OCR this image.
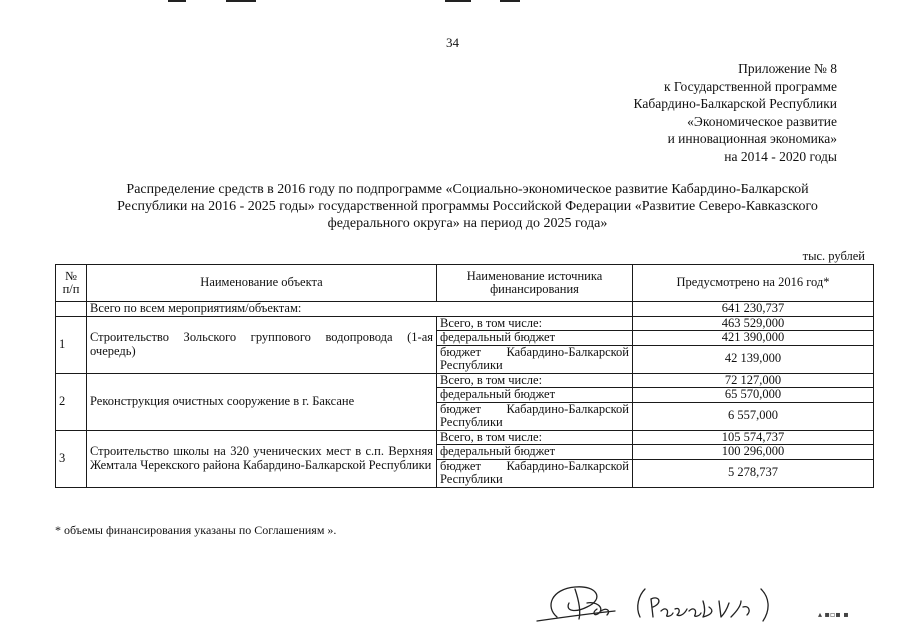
34
Приложение № 8
к Государственной программе
Кабардино-Балкарской Республики
«Экономическое развитие
и инновационная экономика»
на 2014 - 2020 годы
Распределение средств в 2016 году по подпрограмме «Социально-экономическое развитие Кабардино-Балкарской
Республики на 2016 - 2025 годы» государственной программы Российской Федерации «Развитие Северо-Кавказского
федерального округа» на период до 2025 года»
тыс. рублей
№ п/п	Наименование объекта	Наименование источника финансирования	Предусмотрено на 2016 год*
	Всего по всем мероприятиям/объектам:		641 230,737
1	Строительство Зольского группового водопровода (1-ая очередь)	Всего, в том числе:	463 529,000
		федеральный бюджет	421 390,000
		бюджет Кабардино-Балкарской Республики	42 139,000
2	Реконструкция очистных сооружение в г. Баксане	Всего, в том числе:	72 127,000
		федеральный бюджет	65 570,000
		бюджет Кабардино-Балкарской Республики	6 557,000
3	Строительство школы на 320 ученических мест в с.п. Верхняя Жемтала Черекского района Кабардино-Балкарской Республики	Всего, в том числе:	105 574,737
		федеральный бюджет	100 296,000
		бюджет Кабардино-Балкарской Республики	5 278,737
* объемы финансирования указаны по Соглашениям ».
▴ ▪▫▪ ▪
